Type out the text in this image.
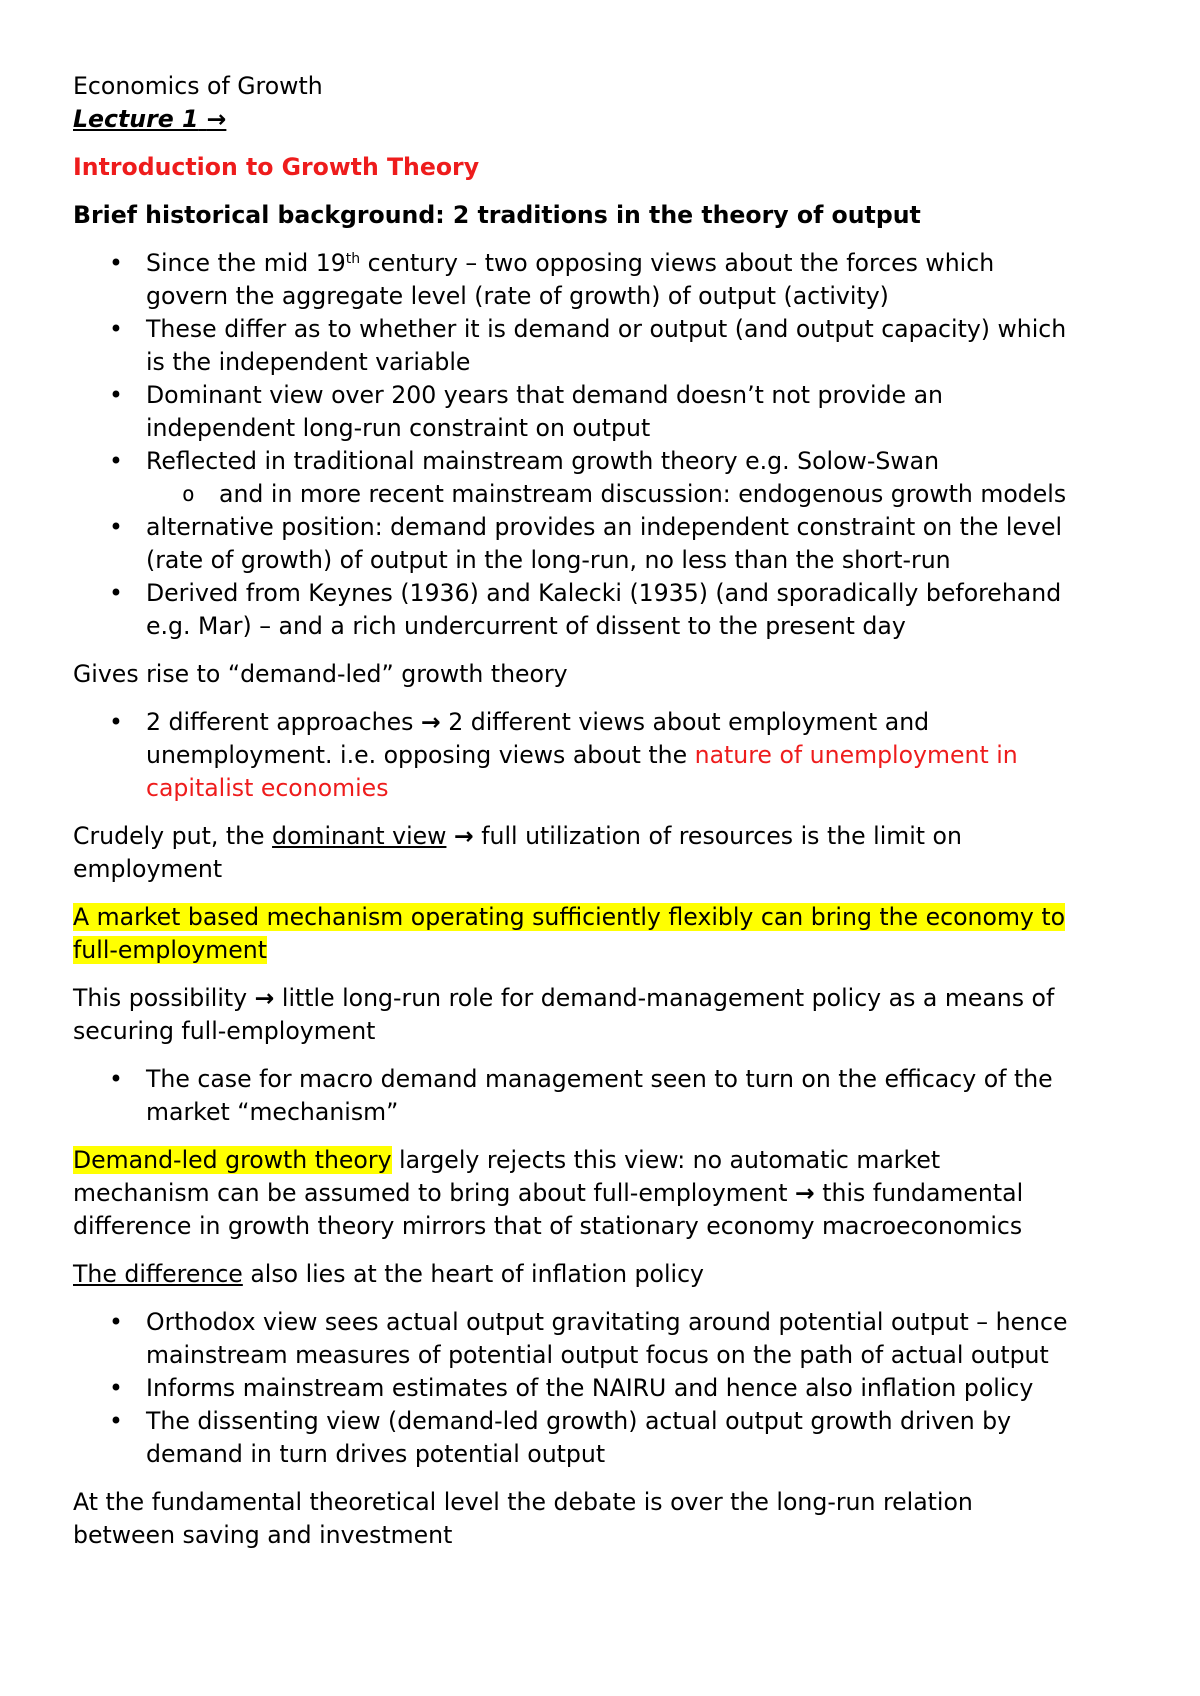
Economics of Growth

Lecture 1 →

Introduction to Growth Theory

Brief historical background: 2 traditions in the theory of output

• Since the mid 19th century – two opposing views about the forces which govern the aggregate level (rate of growth) of output (activity)
• These differ as to whether it is demand or output (and output capacity) which is the independent variable
• Dominant view over 200 years that demand doesn’t not provide an independent long-run constraint on output
• Reflected in traditional mainstream growth theory e.g. Solow-Swan
o and in more recent mainstream discussion: endogenous growth models
• alternative position: demand provides an independent constraint on the level (rate of growth) of output in the long-run, no less than the short-run
• Derived from Keynes (1936) and Kalecki (1935) (and sporadically beforehand e.g. Mar) – and a rich undercurrent of dissent to the present day

Gives rise to “demand-led” growth theory

• 2 different approaches → 2 different views about employment and unemployment. i.e. opposing views about the nature of unemployment in capitalist economies

Crudely put, the dominant view → full utilization of resources is the limit on employment

A market based mechanism operating sufficiently flexibly can bring the economy to full-employment

This possibility → little long-run role for demand-management policy as a means of securing full-employment

• The case for macro demand management seen to turn on the efficacy of the market “mechanism”

Demand-led growth theory largely rejects this view: no automatic market mechanism can be assumed to bring about full-employment → this fundamental difference in growth theory mirrors that of stationary economy macroeconomics

The difference also lies at the heart of inflation policy

• Orthodox view sees actual output gravitating around potential output – hence mainstream measures of potential output focus on the path of actual output
• Informs mainstream estimates of the NAIRU and hence also inflation policy
• The dissenting view (demand-led growth) actual output growth driven by demand in turn drives potential output

At the fundamental theoretical level the debate is over the long-run relation between saving and investment
